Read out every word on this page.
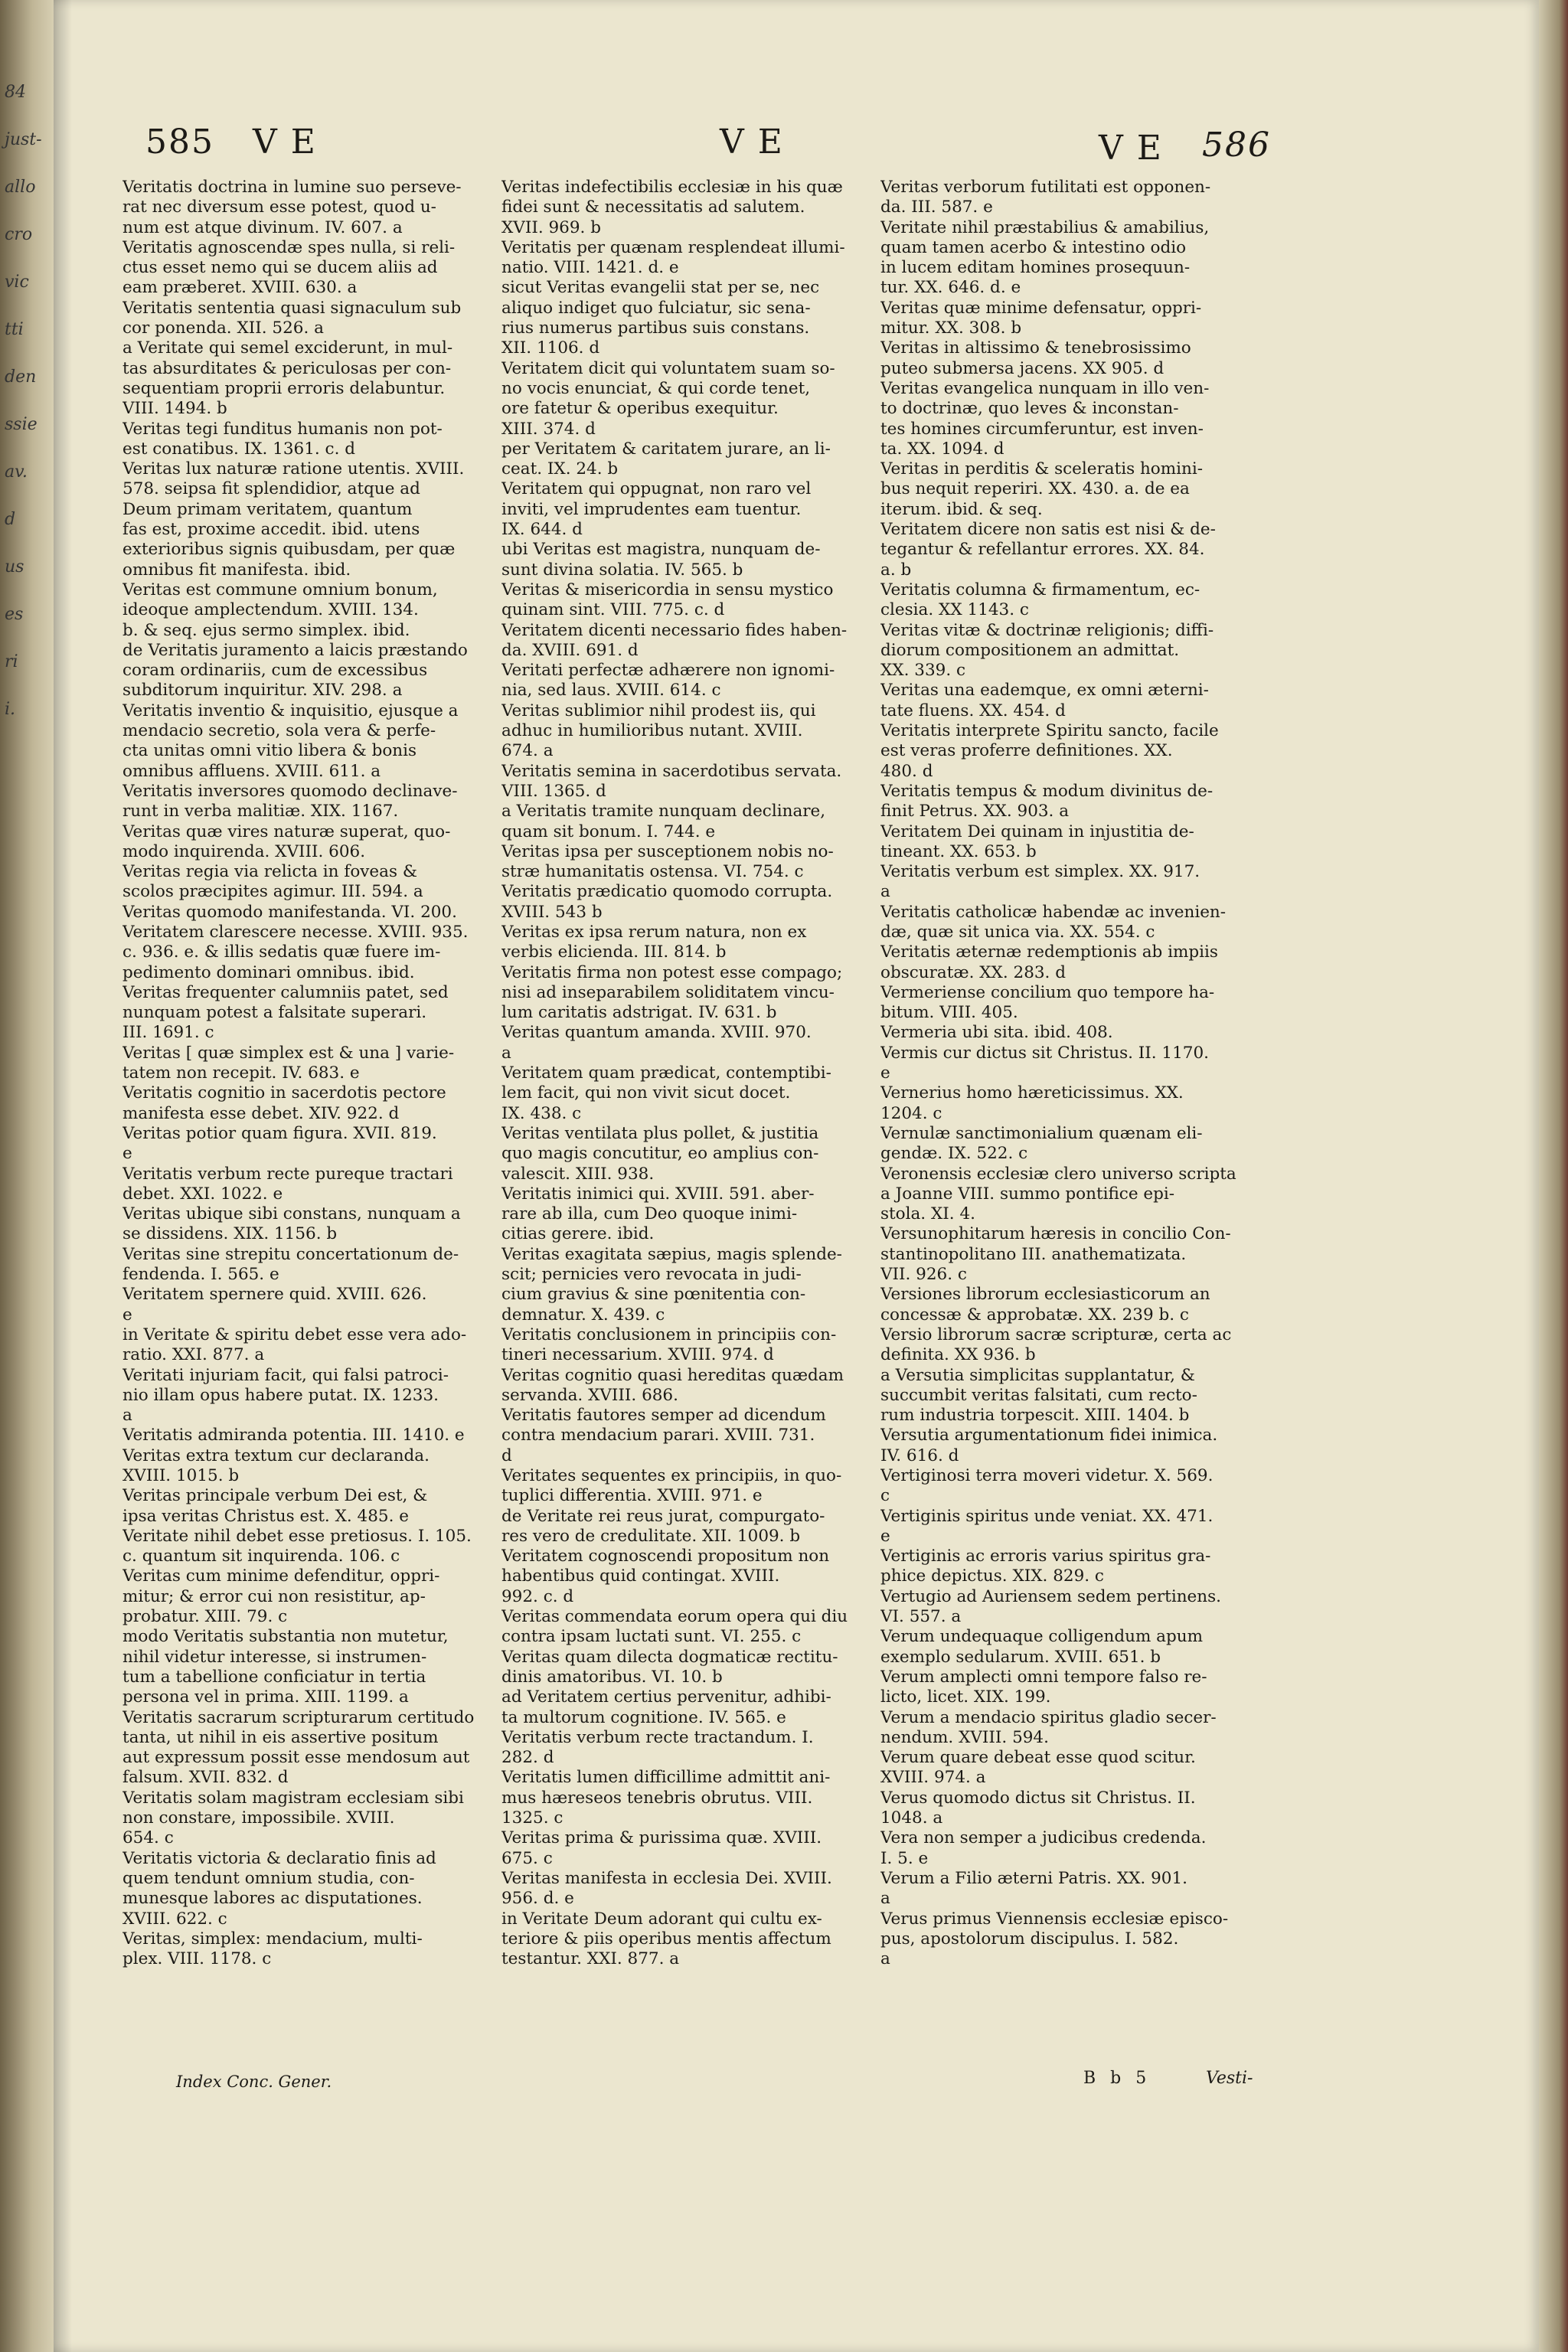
84
just-
allo
cro
vic
tti
den
ssie
av.
d
us
es
ri
i.
585 V E	V E	V E 586
Veritatis doctrina in lumine suo perseve-
rat nec diversum esse potest, quod u-
num est atque divinum. IV. 607. a
Veritatis agnoscendæ spes nulla, si reli-
ctus esset nemo qui se ducem aliis ad
eam præberet. XVIII. 630. a
Veritatis sententia quasi signaculum sub
cor ponenda. XII. 526. a
a Veritate qui semel exciderunt, in mul-
tas absurditates & periculosas per con-
sequentiam proprii erroris delabuntur.
VIII. 1494. b
Veritas tegi funditus humanis non pot-
est conatibus. IX. 1361. c. d
Veritas lux naturæ ratione utentis. XVIII.
578. seipsa fit splendidior, atque ad
Deum primam veritatem, quantum
fas est, proxime accedit. ibid. utens
exterioribus signis quibusdam, per quæ
omnibus fit manifesta. ibid.
Veritas est commune omnium bonum,
ideoque amplectendum. XVIII. 134.
b. & seq. ejus sermo simplex. ibid.
de Veritatis juramento a laicis præstando
coram ordinariis, cum de excessibus
subditorum inquiritur. XIV. 298. a
Veritatis inventio & inquisitio, ejusque a
mendacio secretio, sola vera & perfe-
cta unitas omni vitio libera & bonis
omnibus affluens. XVIII. 611. a
Veritatis inversores quomodo declinave-
runt in verba malitiæ. XIX. 1167.
Veritas quæ vires naturæ superat, quo-
modo inquirenda. XVIII. 606.
Veritas regia via relicta in foveas &
scolos præcipites agimur. III. 594. a
Veritas quomodo manifestanda. VI. 200.
Veritatem clarescere necesse. XVIII. 935.
c. 936. e. & illis sedatis quæ fuere im-
pedimento dominari omnibus. ibid.
Veritas frequenter calumniis patet, sed
nunquam potest a falsitate superari.
III. 1691. c
Veritas [ quæ simplex est & una ] varie-
tatem non recepit. IV. 683. e
Veritatis cognitio in sacerdotis pectore
manifesta esse debet. XIV. 922. d
Veritas potior quam figura. XVII. 819.
e
Veritatis verbum recte pureque tractari
debet. XXI. 1022. e
Veritas ubique sibi constans, nunquam a
se dissidens. XIX. 1156. b
Veritas sine strepitu concertationum de-
fendenda. I. 565. e
Veritatem spernere quid. XVIII. 626.
e
in Veritate & spiritu debet esse vera ado-
ratio. XXI. 877. a
Veritati injuriam facit, qui falsi patroci-
nio illam opus habere putat. IX. 1233.
a
Veritatis admiranda potentia. III. 1410. e
Veritas extra textum cur declaranda.
XVIII. 1015. b
Veritas principale verbum Dei est, &
ipsa veritas Christus est. X. 485. e
Veritate nihil debet esse pretiosus. I. 105.
c. quantum sit inquirenda. 106. c
Veritas cum minime defenditur, oppri-
mitur; & error cui non resistitur, ap-
probatur. XIII. 79. c
modo Veritatis substantia non mutetur,
nihil videtur interesse, si instrumen-
tum a tabellione conficiatur in tertia
persona vel in prima. XIII. 1199. a
Veritatis sacrarum scripturarum certitudo
tanta, ut nihil in eis assertive positum
aut expressum possit esse mendosum aut
falsum. XVII. 832. d
Veritatis solam magistram ecclesiam sibi
non constare, impossibile. XVIII.
654. c
Veritatis victoria & declaratio finis ad
quem tendunt omnium studia, con-
munesque labores ac disputationes.
XVIII. 622. c
Veritas, simplex: mendacium, multi-
plex. VIII. 1178. c
Veritas indefectibilis ecclesiæ in his quæ
fidei sunt & necessitatis ad salutem.
XVII. 969. b
Veritatis per quænam resplendeat illumi-
natio. VIII. 1421. d. e
sicut Veritas evangelii stat per se, nec
aliquo indiget quo fulciatur, sic sena-
rius numerus partibus suis constans.
XII. 1106. d
Veritatem dicit qui voluntatem suam so-
no vocis enunciat, & qui corde tenet,
ore fatetur & operibus exequitur.
XIII. 374. d
per Veritatem & caritatem jurare, an li-
ceat. IX. 24. b
Veritatem qui oppugnat, non raro vel
inviti, vel imprudentes eam tuentur.
IX. 644. d
ubi Veritas est magistra, nunquam de-
sunt divina solatia. IV. 565. b
Veritas & misericordia in sensu mystico
quinam sint. VIII. 775. c. d
Veritatem dicenti necessario fides haben-
da. XVIII. 691. d
Veritati perfectæ adhærere non ignomi-
nia, sed laus. XVIII. 614. c
Veritas sublimior nihil prodest iis, qui
adhuc in humilioribus nutant. XVIII.
674. a
Veritatis semina in sacerdotibus servata.
VIII. 1365. d
a Veritatis tramite nunquam declinare,
quam sit bonum. I. 744. e
Veritas ipsa per susceptionem nobis no-
stræ humanitatis ostensa. VI. 754. c
Veritatis prædicatio quomodo corrupta.
XVIII. 543 b
Veritas ex ipsa rerum natura, non ex
verbis elicienda. III. 814. b
Veritatis firma non potest esse compago;
nisi ad inseparabilem soliditatem vincu-
lum caritatis adstrigat. IV. 631. b
Veritas quantum amanda. XVIII. 970.
a
Veritatem quam prædicat, contemptibi-
lem facit, qui non vivit sicut docet.
IX. 438. c
Veritas ventilata plus pollet, & justitia
quo magis concutitur, eo amplius con-
valescit. XIII. 938.
Veritatis inimici qui. XVIII. 591. aber-
rare ab illa, cum Deo quoque inimi-
citias gerere. ibid.
Veritas exagitata sæpius, magis splende-
scit; pernicies vero revocata in judi-
cium gravius & sine pœnitentia con-
demnatur. X. 439. c
Veritatis conclusionem in principiis con-
tineri necessarium. XVIII. 974. d
Veritas cognitio quasi hereditas quædam
servanda. XVIII. 686.
Veritatis fautores semper ad dicendum
contra mendacium parari. XVIII. 731.
d
Veritates sequentes ex principiis, in quo-
tuplici differentia. XVIII. 971. e
de Veritate rei reus jurat, compurgato-
res vero de credulitate. XII. 1009. b
Veritatem cognoscendi propositum non
habentibus quid contingat. XVIII.
992. c. d
Veritas commendata eorum opera qui diu
contra ipsam luctati sunt. VI. 255. c
Veritas quam dilecta dogmaticæ rectitu-
dinis amatoribus. VI. 10. b
ad Veritatem certius pervenitur, adhibi-
ta multorum cognitione. IV. 565. e
Veritatis verbum recte tractandum. I.
282. d
Veritatis lumen difficillime admittit ani-
mus hæreseos tenebris obrutus. VIII.
1325. c
Veritas prima & purissima quæ. XVIII.
675. c
Veritas manifesta in ecclesia Dei. XVIII.
956. d. e
in Veritate Deum adorant qui cultu ex-
teriore & piis operibus mentis affectum
testantur. XXI. 877. a
Veritas verborum futilitati est opponen-
da. III. 587. e
Veritate nihil præstabilius & amabilius,
quam tamen acerbo & intestino odio
in lucem editam homines prosequun-
tur. XX. 646. d. e
Veritas quæ minime defensatur, oppri-
mitur. XX. 308. b
Veritas in altissimo & tenebrosissimo
puteo submersa jacens. XX 905. d
Veritas evangelica nunquam in illo ven-
to doctrinæ, quo leves & inconstan-
tes homines circumferuntur, est inven-
ta. XX. 1094. d
Veritas in perditis & sceleratis homini-
bus nequit reperiri. XX. 430. a. de ea
iterum. ibid. & seq.
Veritatem dicere non satis est nisi & de-
tegantur & refellantur errores. XX. 84.
a. b
Veritatis columna & firmamentum, ec-
clesia. XX 1143. c
Veritas vitæ & doctrinæ religionis; diffi-
diorum compositionem an admittat.
XX. 339. c
Veritas una eademque, ex omni æterni-
tate fluens. XX. 454. d
Veritatis interprete Spiritu sancto, facile
est veras proferre definitiones. XX.
480. d
Veritatis tempus & modum divinitus de-
finit Petrus. XX. 903. a
Veritatem Dei quinam in injustitia de-
tineant. XX. 653. b
Veritatis verbum est simplex. XX. 917.
a
Veritatis catholicæ habendæ ac invenien-
dæ, quæ sit unica via. XX. 554. c
Veritatis æternæ redemptionis ab impiis
obscuratæ. XX. 283. d
Vermeriense concilium quo tempore ha-
bitum. VIII. 405.
Vermeria ubi sita. ibid. 408.
Vermis cur dictus sit Christus. II. 1170.
e
Vernerius homo hæreticissimus. XX.
1204. c
Vernulæ sanctimonialium quænam eli-
gendæ. IX. 522. c
Veronensis ecclesiæ clero universo scripta
a Joanne VIII. summo pontifice epi-
stola. XI. 4.
Versunophitarum hæresis in concilio Con-
stantinopolitano III. anathematizata.
VII. 926. c
Versiones librorum ecclesiasticorum an
concessæ & approbatæ. XX. 239 b. c
Versio librorum sacræ scripturæ, certa ac
definita. XX 936. b
a Versutia simplicitas supplantatur, &
succumbit veritas falsitati, cum recto-
rum industria torpescit. XIII. 1404. b
Versutia argumentationum fidei inimica.
IV. 616. d
Vertiginosi terra moveri videtur. X. 569.
c
Vertiginis spiritus unde veniat. XX. 471.
e
Vertiginis ac erroris varius spiritus gra-
phice depictus. XIX. 829. c
Vertugio ad Auriensem sedem pertinens.
VI. 557. a
Verum undequaque colligendum apum
exemplo sedularum. XVIII. 651. b
Verum amplecti omni tempore falso re-
licto, licet. XIX. 199.
Verum a mendacio spiritus gladio secer-
nendum. XVIII. 594.
Verum quare debeat esse quod scitur.
XVIII. 974. a
Verus quomodo dictus sit Christus. II.
1048. a
Vera non semper a judicibus credenda.
I. 5. e
Verum a Filio æterni Patris. XX. 901.
a
Verus primus Viennensis ecclesiæ episco-
pus, apostolorum discipulus. I. 582.
a
Index Conc. Gener.	B b 5	Vesti-
